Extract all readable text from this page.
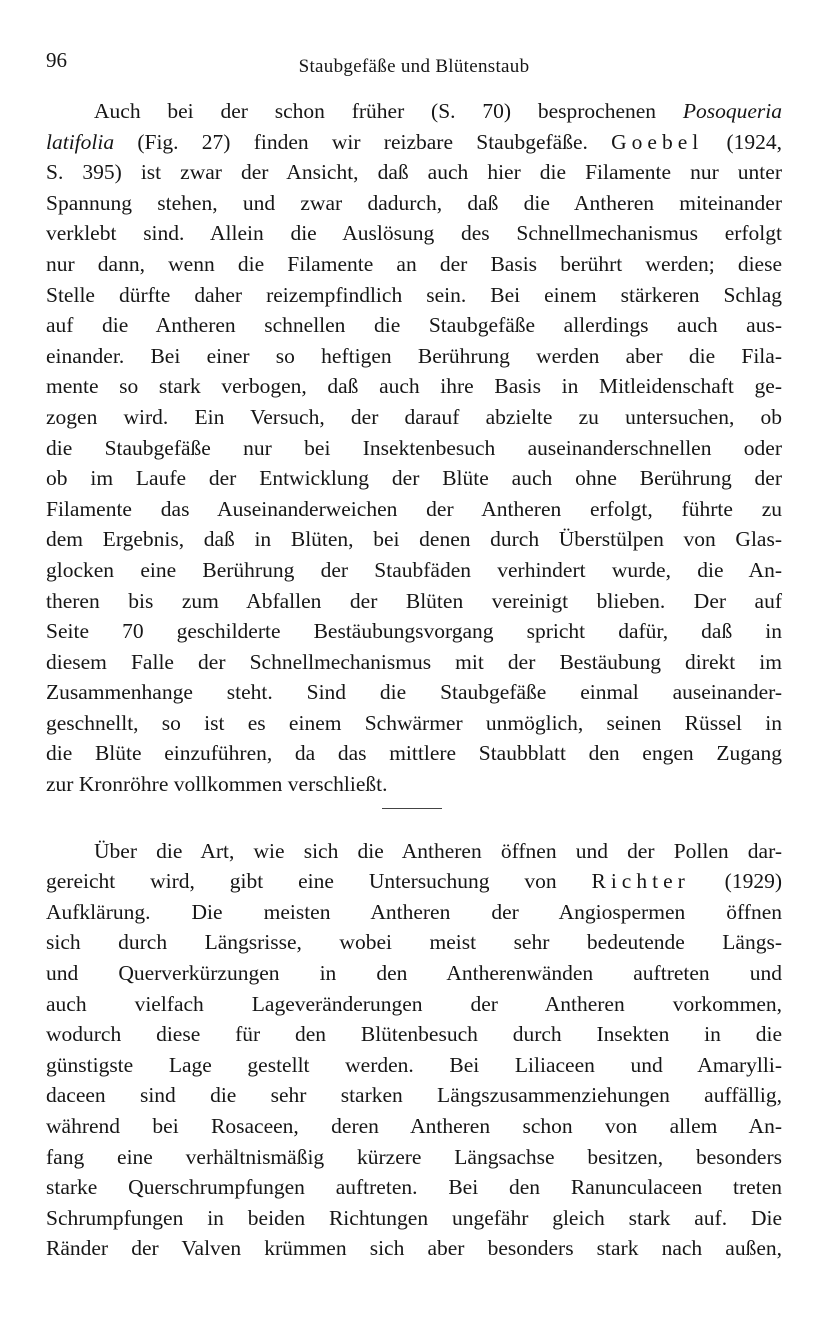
96	Staubgefäße und Blütenstaub
Auch bei der schon früher (S. 70) besprochenen Posoqueria
latifolia (Fig. 27) finden wir reizbare Staubgefäße. Goebel (1924,
S. 395) ist zwar der Ansicht, daß auch hier die Filamente nur unter
Spannung stehen, und zwar dadurch, daß die Antheren miteinander
verklebt sind. Allein die Auslösung des Schnellmechanismus erfolgt
nur dann, wenn die Filamente an der Basis berührt werden; diese
Stelle dürfte daher reizempfindlich sein. Bei einem stärkeren Schlag
auf die Antheren schnellen die Staubgefäße allerdings auch aus-
einander. Bei einer so heftigen Berührung werden aber die Fila-
mente so stark verbogen, daß auch ihre Basis in Mitleidenschaft ge-
zogen wird. Ein Versuch, der darauf abzielte zu untersuchen, ob
die Staubgefäße nur bei Insektenbesuch auseinanderschnellen oder
ob im Laufe der Entwicklung der Blüte auch ohne Berührung der
Filamente das Auseinanderweichen der Antheren erfolgt, führte zu
dem Ergebnis, daß in Blüten, bei denen durch Überstülpen von Glas-
glocken eine Berührung der Staubfäden verhindert wurde, die An-
theren bis zum Abfallen der Blüten vereinigt blieben. Der auf
Seite 70 geschilderte Bestäubungsvorgang spricht dafür, daß in
diesem Falle der Schnellmechanismus mit der Bestäubung direkt im
Zusammenhange steht. Sind die Staubgefäße einmal auseinander-
geschnellt, so ist es einem Schwärmer unmöglich, seinen Rüssel in
die Blüte einzuführen, da das mittlere Staubblatt den engen Zugang
zur Kronröhre vollkommen verschließt.
Über die Art, wie sich die Antheren öffnen und der Pollen dar-
gereicht wird, gibt eine Untersuchung von Richter (1929)
Aufklärung. Die meisten Antheren der Angiospermen öffnen
sich durch Längsrisse, wobei meist sehr bedeutende Längs-
und Querverkürzungen in den Antherenwänden auftreten und
auch vielfach Lageveränderungen der Antheren vorkommen,
wodurch diese für den Blütenbesuch durch Insekten in die
günstigste Lage gestellt werden. Bei Liliaceen und Amarylli-
daceen sind die sehr starken Längszusammenziehungen auffällig,
während bei Rosaceen, deren Antheren schon von allem An-
fang eine verhältnismäßig kürzere Längsachse besitzen, besonders
starke Querschrumpfungen auftreten. Bei den Ranunculaceen treten
Schrumpfungen in beiden Richtungen ungefähr gleich stark auf. Die
Ränder der Valven krümmen sich aber besonders stark nach außen,
